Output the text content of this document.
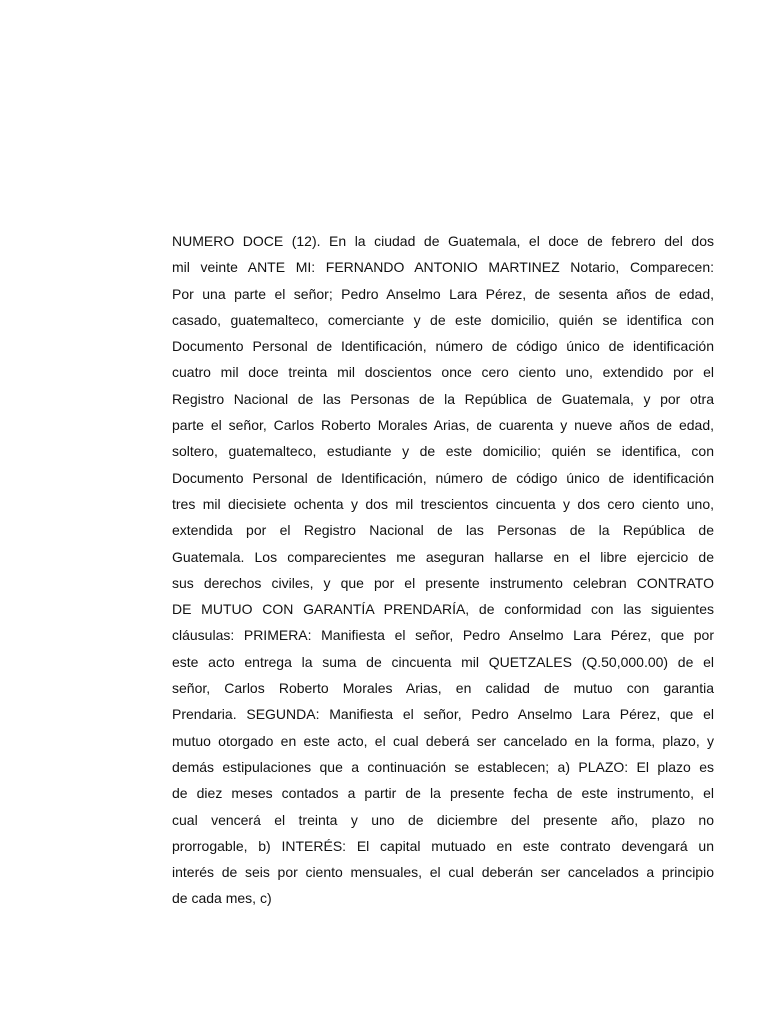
NUMERO DOCE (12). En la ciudad de Guatemala, el doce de febrero del dos
mil veinte ANTE MI: FERNANDO ANTONIO MARTINEZ Notario, Comparecen:
Por una parte el señor; Pedro Anselmo Lara Pérez, de sesenta años de edad,
casado, guatemalteco, comerciante y de este domicilio, quién se identifica con
Documento Personal de Identificación, número de código único de identificación
cuatro mil doce treinta mil doscientos once cero ciento uno, extendido por el
Registro Nacional de las Personas de la República de Guatemala, y por otra
parte el señor, Carlos Roberto Morales Arias, de cuarenta y nueve años de edad,
soltero, guatemalteco, estudiante y de este domicilio; quién se identifica, con
Documento Personal de Identificación, número de código único de identificación
tres mil diecisiete ochenta y dos mil trescientos cincuenta y dos cero ciento uno,
extendida por el Registro Nacional de las Personas de la República de
Guatemala. Los comparecientes me aseguran hallarse en el libre ejercicio de
sus derechos civiles, y que por el presente instrumento celebran CONTRATO
DE MUTUO CON GARANTÍA PRENDARÍA, de conformidad con las siguientes
cláusulas: PRIMERA: Manifiesta el señor, Pedro Anselmo Lara Pérez, que por
este acto entrega la suma de cincuenta mil QUETZALES (Q.50,000.00) de el
señor, Carlos Roberto Morales Arias, en calidad de mutuo con garantia
Prendaria. SEGUNDA: Manifiesta el señor, Pedro Anselmo Lara Pérez, que el
mutuo otorgado en este acto, el cual deberá ser cancelado en la forma, plazo, y
demás estipulaciones que a continuación se establecen; a) PLAZO: El plazo es
de diez meses contados a partir de la presente fecha de este instrumento, el
cual vencerá el treinta y uno de diciembre del presente año, plazo no
prorrogable, b) INTERÉS: El capital mutuado en este contrato devengará un
interés de seis por ciento mensuales, el cual deberán ser cancelados a principio
de cada mes, c)
